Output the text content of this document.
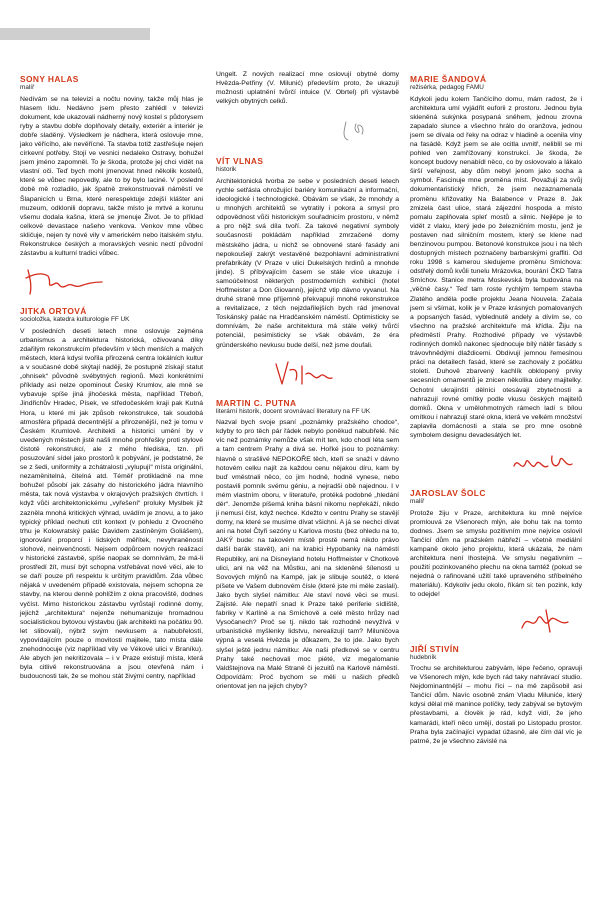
SONY HALAS
malíř

Nedívám se na televizi a nočtu noviny, takže můj hlas je hlasem lidu. Nedávno jsem přesto zahlédl v televizi dokument, kde ukazovali nádherný nový kostel s půdorysem ryby a stavbu dobře doplňovaly detaily, exteriér a interiér je dobře sladěný. Výsledkem je nádhera, která oslovuje mne, jako věřícího, ale nevěřícné. Ta stavba totiž zastřešuje nejen církevní potřeby. Stojí ve vesnici nedaleko Ostravy, bohužel jsem jméno zapomněl. To je škoda, protože jej chci vidět na vlastní oči. Teď bych mohl jmenovat hned několik kostelů, které se vůbec nepovedly, ale to by bylo laciné. V poslední době mě rozladilo, jak špatně zrekonstruovali náměstí ve Šlapanicích u Brna, které nerespektuje zdejší klášter ani muzeum, odklonili dopravu, takže místo je mrtvé a korunu všemu dodala kašna, která se jmenuje Život. Je to příklad celkové devastace našeho venkova. Venkov mne vůbec skličuje, nejen ty nové vily v americkém nebo italském stylu. Rekonstrukce českých a moravských vesnic nectí původní zástavbu a kulturní tradici vůbec.

JITKA ORTOVÁ
socioložka, katedra kulturologie FF UK

V posledních deseti letech mne oslovuje zejména urbanismus a architektura historická, oživovaná díky zdařilým rekonstrukcím především v těch menších a malých městech, která kdysi tvořila přirozená centra lokálních kultur a v současné době skýtají naději, že postupně získají statut „ohnisek“ původně svébytných regionů. Mezi konkrétními příklady asi nelze opominout Český Krumlov, ale mně se vybavuje spíše jiná jihočeská města, například Třeboň, Jindřichův Hradec, Písek, ve středočeském kraji pak Kutná Hora, u které mi jak způsob rekonstrukce, tak soudobá atmosféra připadá decentnější a přirozenější, než je tomu v Českém Krumlově. Architekti a historici umění by v uvedených městech jistě našli mnohé prohřešky proti stylové čistotě rekonstrukcí, ale z mého hlediska, tzn. při posuzování sídel jako prostorů k pobývání, je podstatné, že se z šedi, uniformity a zchátralosti „vylupují“ místa originální, nezaměnitelná, čitelná atd. Téměř protikladně na mne bohužel působí jak zásahy do historického jádra hlavního města, tak nová výstavba v okrajových pražských čtvrtích. I když vůči architektonickému „vyřešení“ prolukу Myslbek již zazněla mnohá kritických výhrad, uvádím je znovu, a to jako typický příklad nechuti ctít kontext (v pohledu z Ovocného trhu je Kolowratský palác Davidem zastíněným Goliášem), ignorování proporcí i lidských měřítek, nevyhraněnosti slohové, neinvenčnosti. Nejsem odpůrcem nových realizací v historické zástavbě, spíše naopak se domnívám, že má-li prostředí žít, musí být schopna vstřebávat nové věci, ale to se daří pouze při respektu k určitým pravidlům. Zda vůbec nějaká v uvedeném případě existovala, nejsem schopna ze stavby, na kterou denně pohlížím z okna pracoviště, dodnes vyčíst. Mimo historickou zástavbu vyrůstají rodinné domy, jejichž „architektura“ nejenže nehumanizuje hromadnou socialistickou bytovou výstavbu (jak architekti na počátku 90. let slibovali), nýbrž svým nevkusem a nabubřelostí, vypovídajícím pouze o movitosti majitele, tato místa dále znehodnocuje (viz například vily ve Vékové ulici v Braníku). Ale abych jen nekritizovala – i v Praze existují místa, která byla citlivě rekonstruována a jsou otevřená nám i budoucnosti tak, že se mohou stát živými centry, například

Ungelt. Z nových realizací mne oslovují obytné domy Hvězda-Petřiny (V. Milunić) především proto, že ukazují možnosti uplatnění tvůrčí intuice (V. Obrtel) při výstavbě velkých obytných celků.

VÍT VLNAS
historik

Architektonická tvorba ze sebe v posledních deseti letech rychle setřásla ohrožující bariéry komunikační a informační, ideologické i technologické. Obávám se však, že mnohdy a u mnohých architektů se vytratily i pokora a smysl pro odpovědnost vůči historickým souřadnicím prostoru, v němž a pro nějž svá díla tvoří. Za takové negativní symboly současnosti pokládám například zmrzačené domy městského jádra, u nichž se obnovené staré fasády ani nepokoušejí zakrýt vestavěné bezpohlavní administrativní prefabrikáty (V Praze v ulici Dukelských hrdinů a mnohde jinde). S příbývajícím časem se stále více ukazuje i samoúčelnost některých postmoderních exhibicí (hotel Hoffmeister a Don Giovanni), jejichž vtip dávno vyvanul. Na druhé straně mne příjemně překvapují mnohé rekonstrukce a revitalizace, z těch nejzdařilejších bych rád jmenoval Toskánský palác na Hradčanském náměstí. Optimisticky se domnívám, že naše architektura má stále velký tvůrčí potenciál, pesimisticky se však obávám, že éra gründerského nevkusu bude delší, než jsme doufali.

MARTIN C. PUTNA
literární historik, docent srovnávací literatury na FF UK

Nazval bych svoje psaní „poznámky pražského chodce“, kdyby to pro těch pár řádek nebylo poněkud nabubřelé. Nic víc než poznámky nemůže však mít ten, kdo chodí léta sem a tam centrem Prahy a divá se. Hořké jsou to poznámky: hlavně o strašlivé NEPOKOŘE těch, kteří se snaží v dávno hotovém celku najít za každou cenu nějakou díru, kam by buď vměstnali něco, co jim hodně, hodně vynese, nebo postavili pomník svému géniu, a nejradši obě najednou. I v mém vlastním oboru, v literatuře, protéká podobné „hledání děr“. Jenomže píšemá kniha básní nikomu nepřekáží, nikdo ji nemusí číst, když nechce. Kdežto v centru Prahy se stavějí domy, na které se musíme dívat všichni. A já se nechci dívat ani na hotel Čtyři sezóny u Karlova mostu (bez ohledu na to, JAKÝ bude: na takovém místě prostě nemá nikdo právo další barák stavět), ani na krabici Hypobanky na náměstí Republiky, ani na Disneyland hotelu Hoffmeister v Chotkově ulici, ani na věž na Můstku, ani na skleněné šílenosti u Sovových mlýnů na Kampě, jak je slibuje soutěž, o které píšete ve Vašem dubnovém čísle (které jste mi měle zaslali). Jako bych slyšel námitku: Ale staví nové věci se musí. Zajisté. Ale nepatří snad k Praze také periferie sídliště, fabriky v Karlíně a na Smíchově a celé město hrůzy nad Vysočanech? Proč se tj. nikdo tak rozhodně nevyžívá v urbanistické myšlenky lidstvu, nerealizují tam? Miluničova výpná a veselá Hvězda je důkazem, že to jde. Jako bych slyšel ještě jednu námitku: Ale naši předkové se v centru Prahy také nechovali moc piété, viz megalomanie Valdštejnova na Malé Straně či jezuitů na Karlově náměstí. Odpovídám: Proč bychom se měli u našich předků orientovat jen na jejich chyby?

MARIE ŠANDOVÁ
režisérka, pedagog FAMU

Kdykoli jedu kolem Tančícího domu, mám radost, že i architektura umí vyjádřit euforii z prostoru. Jednou byla skleněná sukýnka posypaná sněhem, jednou zrovna zapadalo slunce a všechno hrálo do oranžova, jednou jsem se dívala od řeky na odraz v hladině a ocenila vlny na fasádě. Když jsem se ale ocitla uvnitř, neliblil se mi pohled ven zamřížovaný konstrukcí. Je škoda, že koncept budovy nenabídl něco, co by oslovovalo a lákalo širší veřejnost, aby dům nebyl jenom jako socha a symbol. Fascinuje mne proměna míst. Považuji za svůj dokumentaristický hřích, že jsem nezaznamenala proměnu křižovatky Na Balabence v Praze 8. Jak zmizela čast ulice, stará zájezdní hospoda a místo pomalu zaplňovala spleť mostů a silnic. Nejlépe je to vidět z vlaku, který jede po železničním mostu, jenž je postaven nad silničním mostem, který se klene nad benzinovou pumpou. Betonové konstrukce jsou i na těch dostupných místech poznačeny barbarskými graffiti. Od roku 1998 s kamerou sledujeme proměnu Smíchova: odstřelý domů kvůli tunelu Mrázovka, bourání ČKD Tatra Smíchov. Stanice metra Moskevská byla budována na „věčné časy.“ Teď tam roste rychlým tempem stavba Zlatého anděla podle projektu Jeana Nouvela. Začala jsem si všímat, kolik je v Praze krásných pomalovaných a popsaných fasád, vyblednutě andely a dívím se, co všechno na pražské architektuře má křídla. Žiju na předměstí Prahy. Rozhodivé případy ve výstavbě rodinných domků nakonec sjednocuje bílý nátěr fasády s trávovhnědými dlaždicemi. Obdivují jemnou řemeslnou práci na detailech fasád, které se zachovaly z počátku století. Duhově zbarvený kachlík obklopený prvky secesních ornamentů je znicen několika údery majitelky. Ochotní ukrajinští dělníci otesávají zbytečnosti a nahrazují rovné omítky podle vkusu českých majitelů domků. Okna v umělohmotných rámech ladí s bílou omítkou i nahrazují staré okna, která ve velkém množství zaplavila domácnosti a stala se pro mne osobně symbolem designu devadesátých let.

JAROSLAV ŠOLC
malíř

Protože žiju v Praze, architektura ku mně nejvíce promlouvá ze Všenorech mlýn, ale bohu tak na tomto dodnes. Jsem se smyslu pozitivním mne nejvíce oslovil Tančící dům na pražském nábřeží – včetně mediální kampaně okolo jeho projektu, která ukázala, že nám architektura není lhostejná. Ve smyslu negativním – použití pozinkovaného plechu na okna tamtéž (pokud se nejedná o rafinované užití také upraveného stříbelného materiálu). Kdykoliv jedu okolo, říkám si: ten pozink, kdy to odejde!

JIŘÍ STIVÍN
hudebník

Trochu se architekturou zabývám, lépe řečeno, opravuji ve Všenorech mlýn, kde bych rád taky nahrávací studio. Nejdominantnější – mohu říci – na mě zapůsobil asi Tančící dům. Navíc osobně znám Vladu Miluniće, který kdysi dělal mě manince políčky, tedy zabýval se bytovým přestavbami, a člověk je rád, když vidí, že jeho kamarádi, kteří něco umějí, dostali po Listopadu prostor. Praha byla začínající vypadat úžasně, ale čím dál víc je patrné, že je všechno závislé na
